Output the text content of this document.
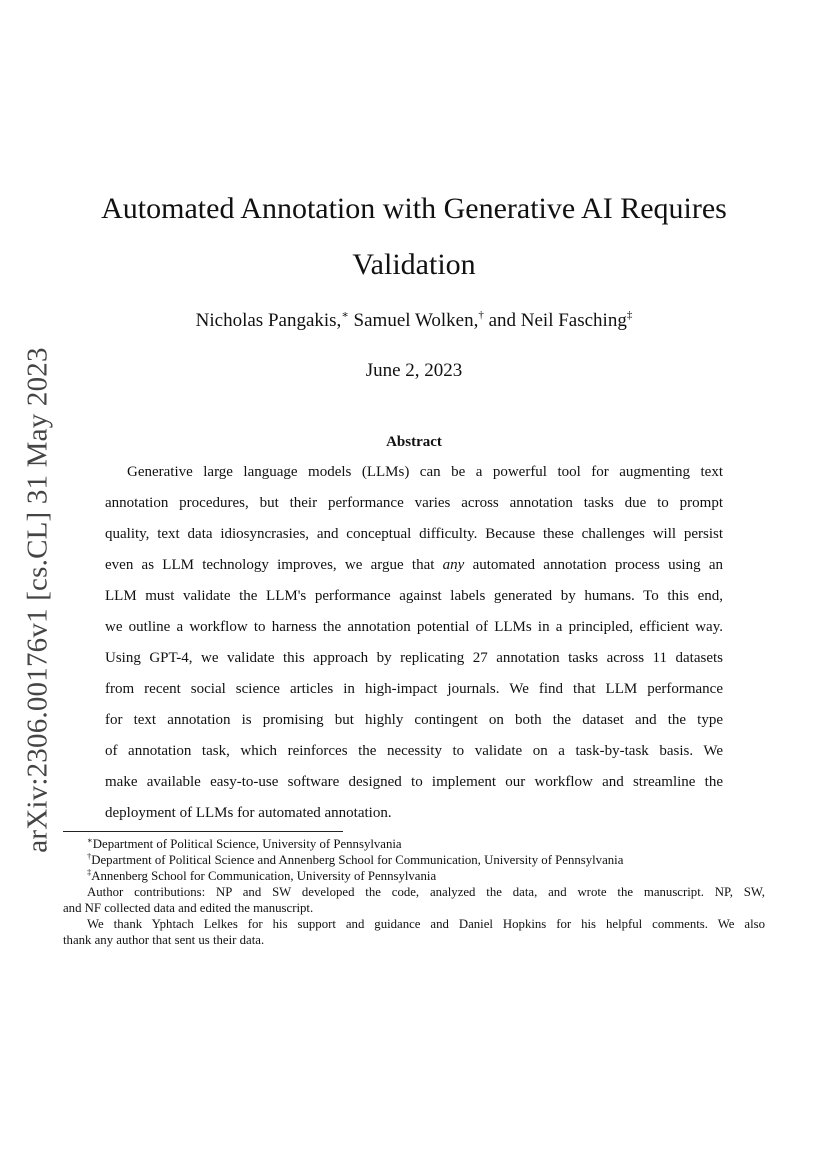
arXiv:2306.00176v1 [cs.CL] 31 May 2023
Automated Annotation with Generative AI Requires
Validation
Nicholas Pangakis,∗ Samuel Wolken,† and Neil Fasching‡
June 2, 2023
Abstract
Generative large language models (LLMs) can be a powerful tool for augmenting text
annotation procedures, but their performance varies across annotation tasks due to prompt
quality, text data idiosyncrasies, and conceptual difficulty. Because these challenges will persist
even as LLM technology improves, we argue that any automated annotation process using an
LLM must validate the LLM's performance against labels generated by humans. To this end,
we outline a workflow to harness the annotation potential of LLMs in a principled, efficient way.
Using GPT-4, we validate this approach by replicating 27 annotation tasks across 11 datasets
from recent social science articles in high-impact journals. We find that LLM performance
for text annotation is promising but highly contingent on both the dataset and the type
of annotation task, which reinforces the necessity to validate on a task-by-task basis. We
make available easy-to-use software designed to implement our workflow and streamline the
deployment of LLMs for automated annotation.
∗Department of Political Science, University of Pennsylvania
†Department of Political Science and Annenberg School for Communication, University of Pennsylvania
‡Annenberg School for Communication, University of Pennsylvania
Author contributions: NP and SW developed the code, analyzed the data, and wrote the manuscript. NP, SW,
and NF collected data and edited the manuscript.
We thank Yphtach Lelkes for his support and guidance and Daniel Hopkins for his helpful comments. We also
thank any author that sent us their data.
